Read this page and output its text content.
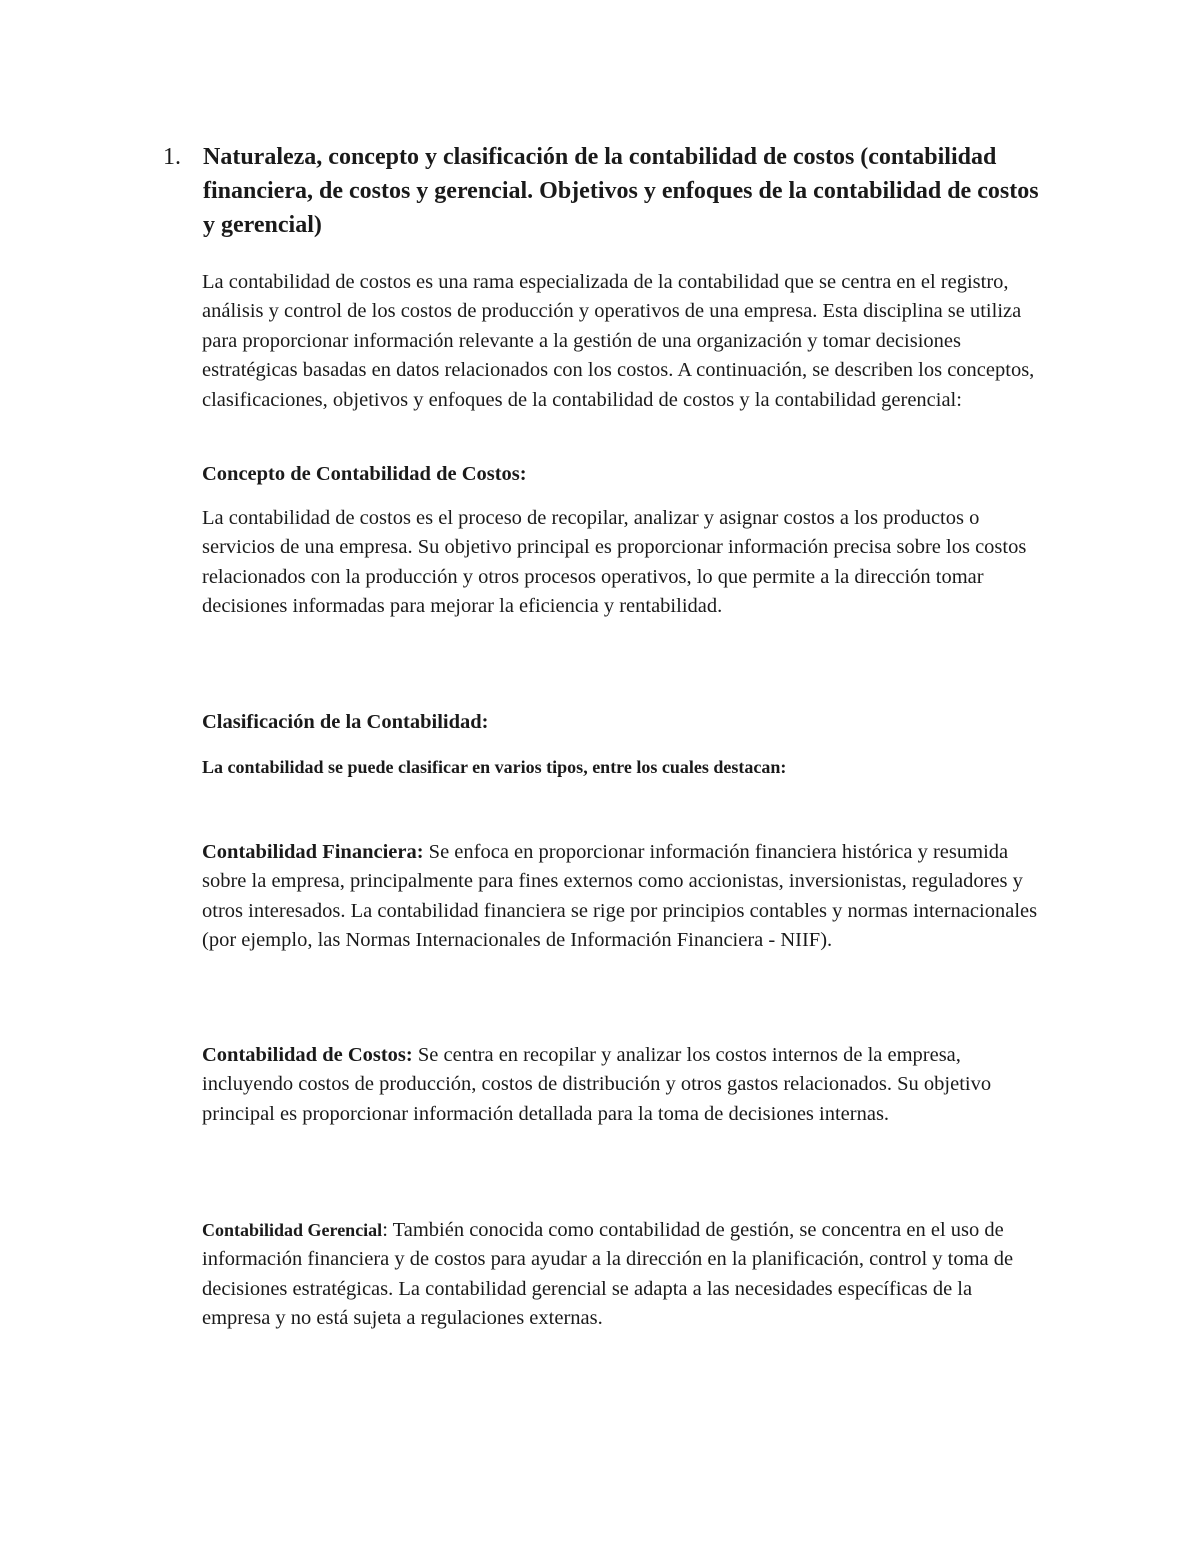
1. Naturaleza, concepto y clasificación de la contabilidad de costos (contabilidad financiera, de costos y gerencial. Objetivos y enfoques de la contabilidad de costos y gerencial)

La contabilidad de costos es una rama especializada de la contabilidad que se centra en el registro, análisis y control de los costos de producción y operativos de una empresa. Esta disciplina se utiliza para proporcionar información relevante a la gestión de una organización y tomar decisiones estratégicas basadas en datos relacionados con los costos. A continuación, se describen los conceptos, clasificaciones, objetivos y enfoques de la contabilidad de costos y la contabilidad gerencial:

Concepto de Contabilidad de Costos:

La contabilidad de costos es el proceso de recopilar, analizar y asignar costos a los productos o servicios de una empresa. Su objetivo principal es proporcionar información precisa sobre los costos relacionados con la producción y otros procesos operativos, lo que permite a la dirección tomar decisiones informadas para mejorar la eficiencia y rentabilidad.

Clasificación de la Contabilidad:

La contabilidad se puede clasificar en varios tipos, entre los cuales destacan:

Contabilidad Financiera: Se enfoca en proporcionar información financiera histórica y resumida sobre la empresa, principalmente para fines externos como accionistas, inversionistas, reguladores y otros interesados. La contabilidad financiera se rige por principios contables y normas internacionales (por ejemplo, las Normas Internacionales de Información Financiera - NIIF).

Contabilidad de Costos: Se centra en recopilar y analizar los costos internos de la empresa, incluyendo costos de producción, costos de distribución y otros gastos relacionados. Su objetivo principal es proporcionar información detallada para la toma de decisiones internas.

Contabilidad Gerencial: También conocida como contabilidad de gestión, se concentra en el uso de información financiera y de costos para ayudar a la dirección en la planificación, control y toma de decisiones estratégicas. La contabilidad gerencial se adapta a las necesidades específicas de la empresa y no está sujeta a regulaciones externas.
